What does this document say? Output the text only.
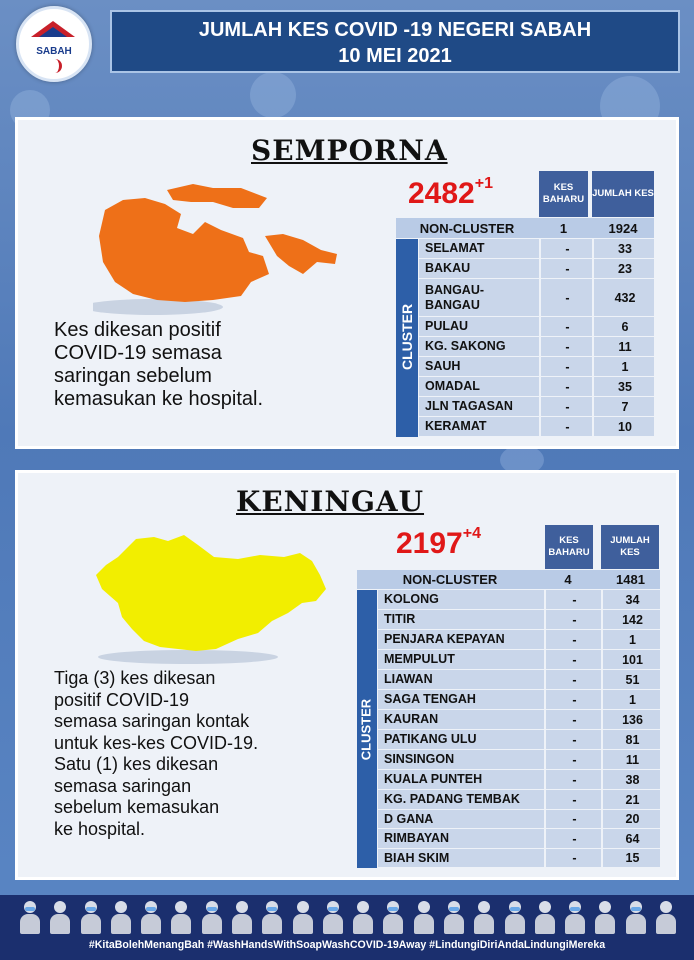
SABAH
JUMLAH KES COVID -19 NEGERI SABAH
10 MEI 2021
SEMPORNA
Kes dikesan positif
COVID-19 semasa
saringan sebelum
kemasukan ke hospital.
$2482^{+1}$	KES BAHARU
JUMLAH KES
NON-CLUSTER	1	1924
CLUSTER
SELAMAT	-	33
BAKAU	-	23
BANGAU-
BANGAU	-	432
PULAU	-	6
KG. SAKONG	-	11
SAUH	-	1
OMADAL	-	35
JLN TAGASAN	-	7
KERAMAT	-	10
KENINGAU
Tiga (3) kes dikesan
positif COVID-19
semasa saringan kontak
untuk kes-kes COVID-19.
Satu (1) kes dikesan
semasa saringan
sebelum kemasukan
ke hospital.
$2197^{+4}$	KES BAHARU
JUMLAH KES
NON-CLUSTER	4	1481
CLUSTER
KOLONG	-	34
TITIR	-	142
PENJARA KEPAYAN	-	1
MEMPULUT	-	101
LIAWAN	-	51
SAGA TENGAH	-	1
KAURAN	-	136
PATIKANG ULU	-	81
SINSINGON	-	11
KUALA PUNTEH	-	38
KG. PADANG TEMBAK	-	21
D GANA	-	20
RIMBAYAN	-	64
BIAH SKIM	-	15
#KitaBolehMenangBah #WashHandsWithSoapWashCOVID-19Away #LindungiDiriAndaLindungiMereka
